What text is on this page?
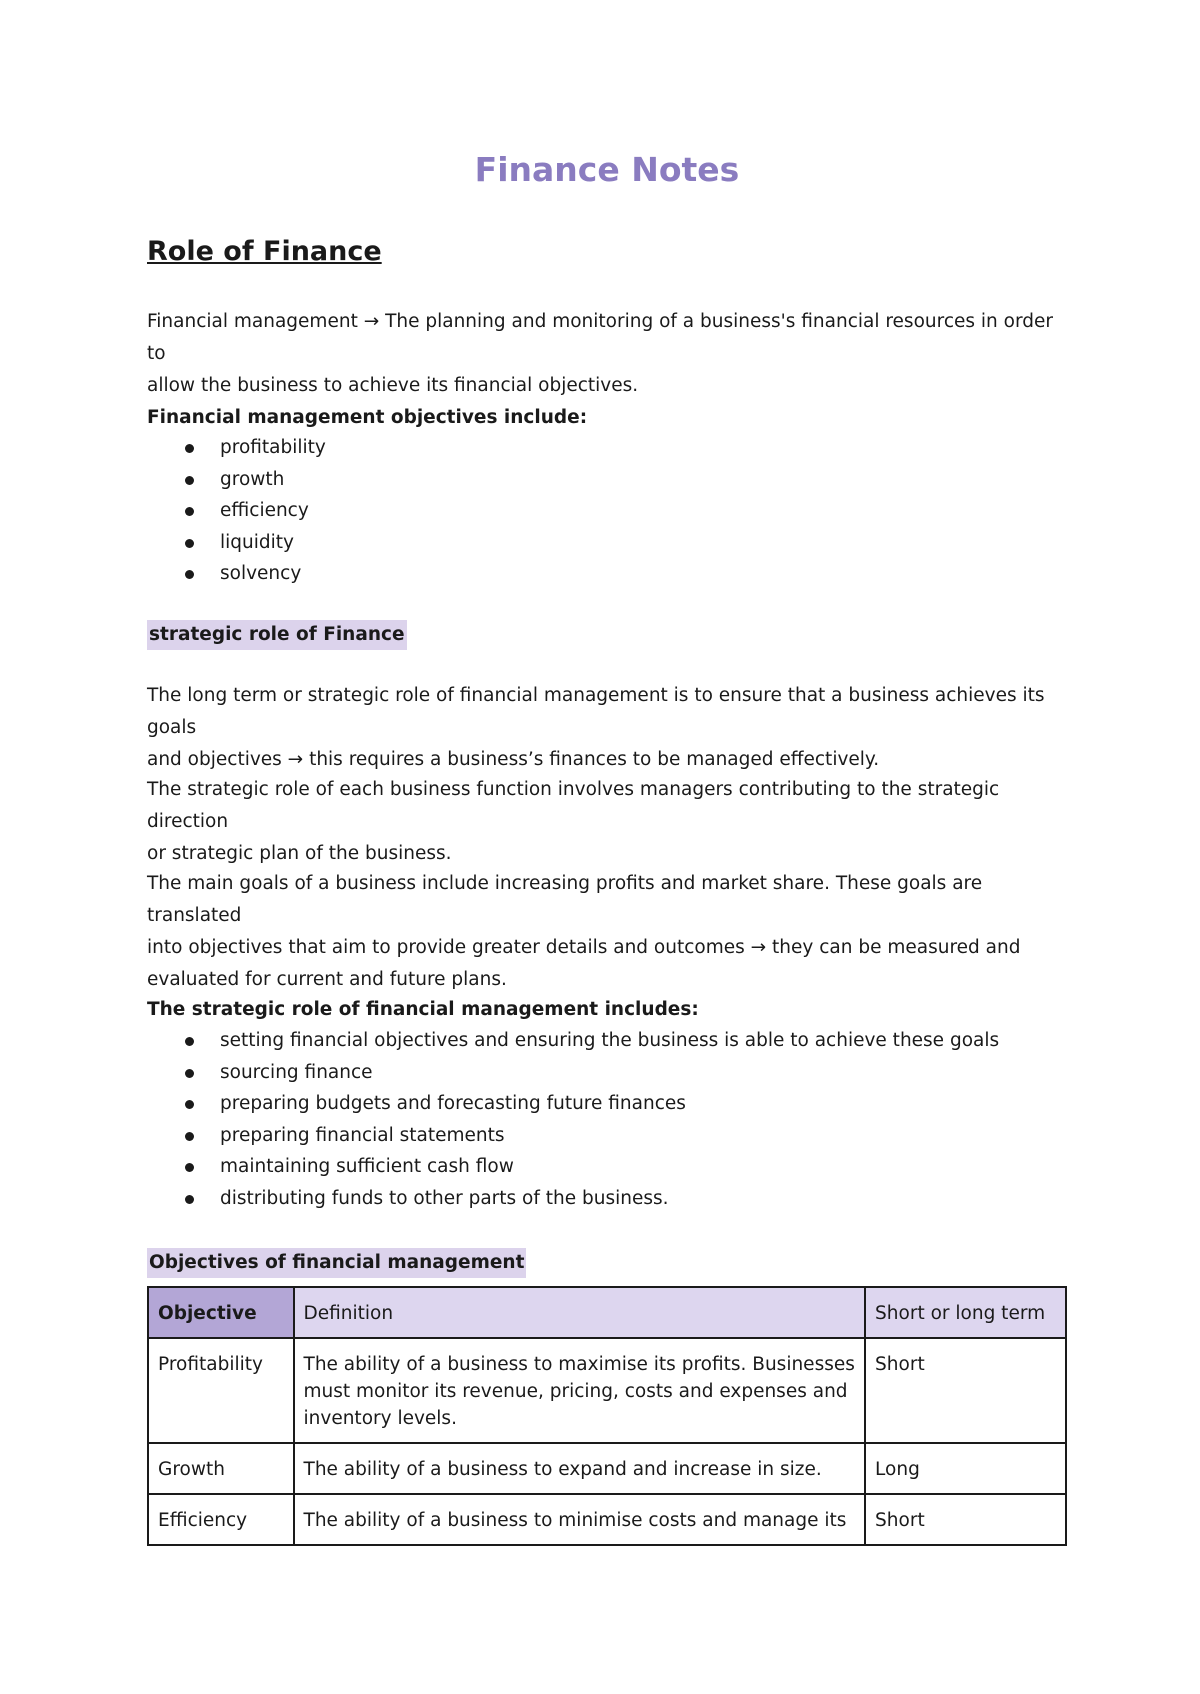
Finance Notes
Role of Finance

Financial management → The planning and monitoring of a business's financial resources in order to
allow the business to achieve its financial objectives.

Financial management objectives include:

profitability
growth
efficiency
liquidity
solvency

strategic role of Finance

The long term or strategic role of financial management is to ensure that a business achieves its goals
and objectives → this requires a business’s finances to be managed effectively.

The strategic role of each business function involves managers contributing to the strategic direction
or strategic plan of the business.

The main goals of a business include increasing profits and market share. These goals are translated
into objectives that aim to provide greater details and outcomes → they can be measured and
evaluated for current and future plans.

The strategic role of financial management includes:

setting financial objectives and ensuring the business is able to achieve these goals
sourcing finance
preparing budgets and forecasting future finances
preparing financial statements
maintaining sufficient cash flow
distributing funds to other parts of the business.

Objectives of financial management

Objective	Definition	Short or long term
Profitability	The ability of a business to maximise its profits. Businesses must monitor its revenue, pricing, costs and expenses and inventory levels.	Short
Growth	The ability of a business to expand and increase in size.	Long
Efficiency	The ability of a business to minimise costs and manage its	Short
